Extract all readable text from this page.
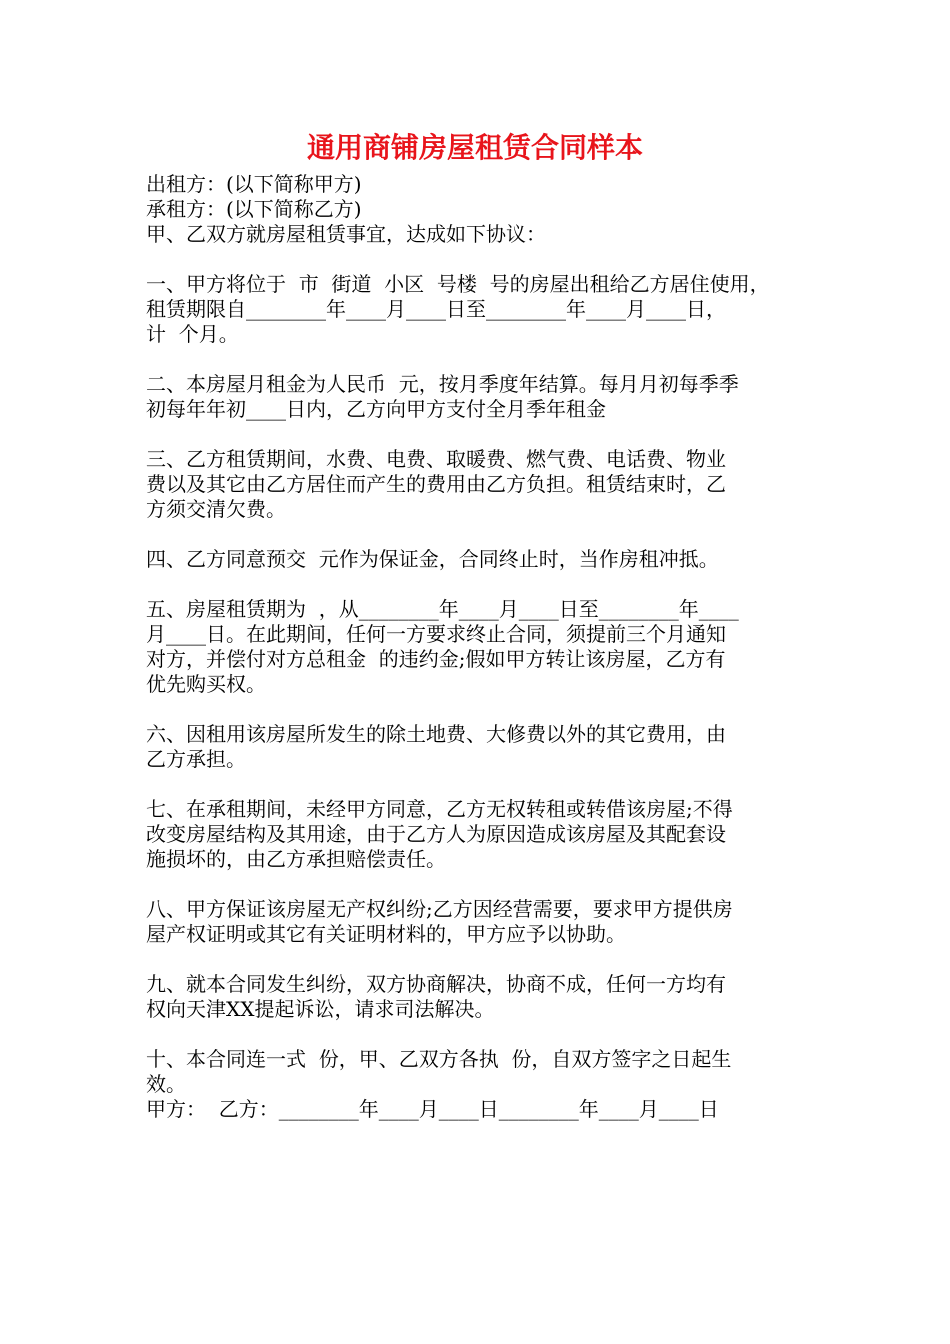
通用商铺房屋租赁合同样本
出租方：(以下简称甲方)
承租方：(以下简称乙方)
甲、乙双方就房屋租赁事宜，达成如下协议：
一、甲方将位于  市  街道  小区  号楼  号的房屋出租给乙方居住使用，
租赁期限自________年____月____日至________年____月____日，
计  个月。
二、本房屋月租金为人民币  元，按月季度年结算。每月月初每季季
初每年年初____日内，乙方向甲方支付全月季年租金
三、乙方租赁期间，水费、电费、取暖费、燃气费、电话费、物业
费以及其它由乙方居住而产生的费用由乙方负担。租赁结束时，乙
方须交清欠费。
四、乙方同意预交  元作为保证金，合同终止时，当作房租冲抵。
五、房屋租赁期为  ，从________年____月____日至________年____
月____日。在此期间，任何一方要求终止合同，须提前三个月通知
对方，并偿付对方总租金  的违约金;假如甲方转让该房屋，乙方有
优先购买权。
六、因租用该房屋所发生的除土地费、大修费以外的其它费用，由
乙方承担。
七、在承租期间，未经甲方同意，乙方无权转租或转借该房屋;不得
改变房屋结构及其用途，由于乙方人为原因造成该房屋及其配套设
施损坏的，由乙方承担赔偿责任。
八、甲方保证该房屋无产权纠纷;乙方因经营需要，要求甲方提供房
屋产权证明或其它有关证明材料的，甲方应予以协助。
九、就本合同发生纠纷，双方协商解决，协商不成，任何一方均有
权向天津XX提起诉讼，请求司法解决。
十、本合同连一式  份，甲、乙双方各执  份，自双方签字之日起生
效。
甲方：  乙方：________年____月____日________年____月____日
